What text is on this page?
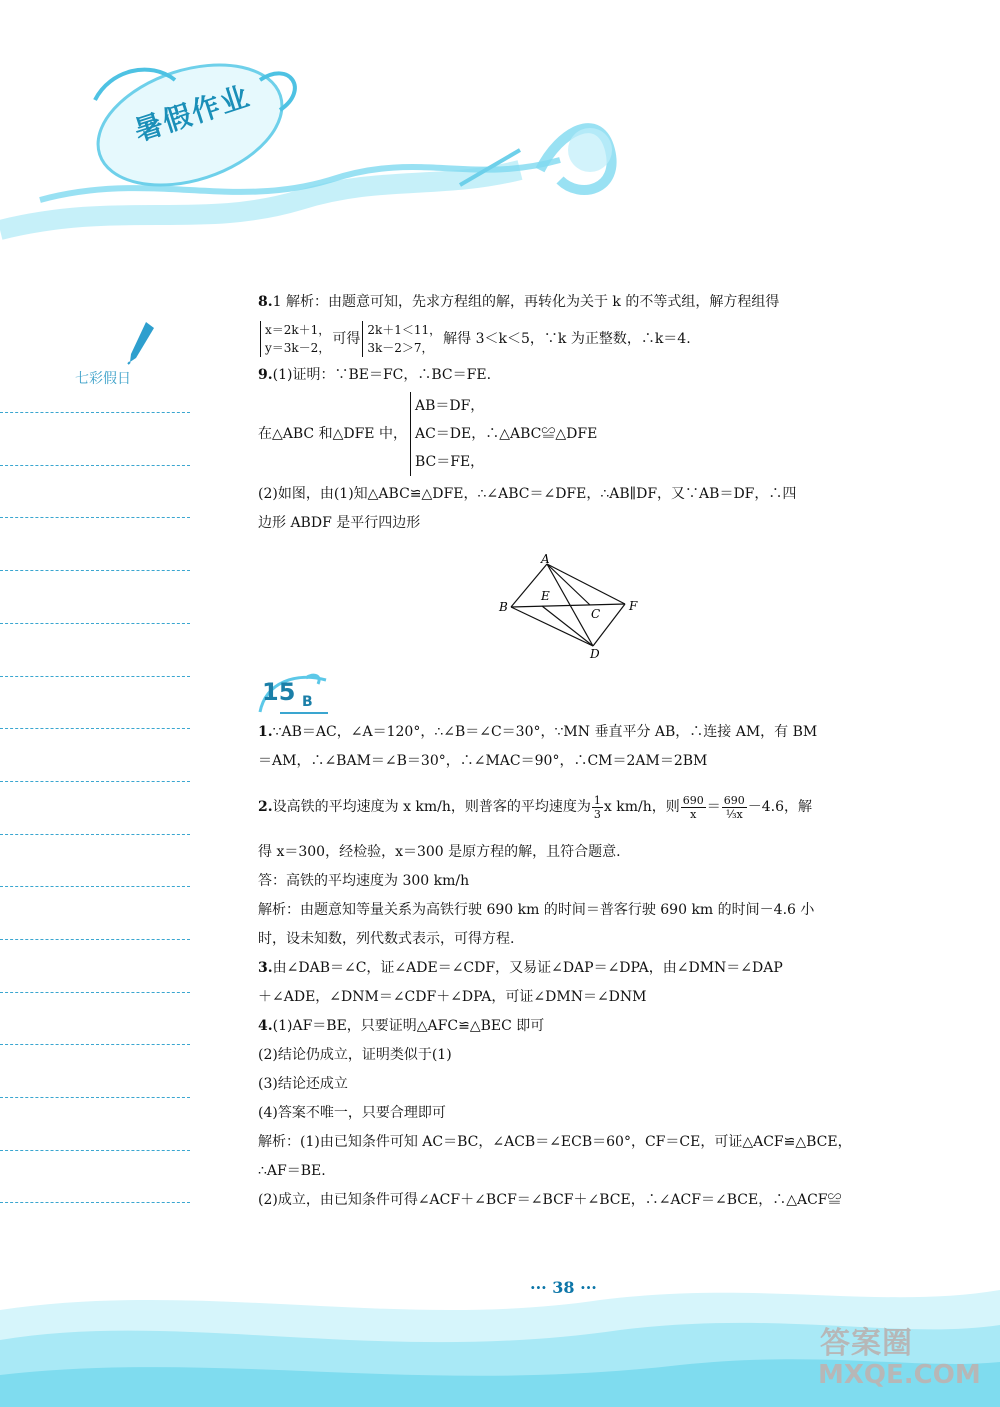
暑假作业
七彩假日

8.1 解析：由题意可知，先求方程组的解，再转化为关于 k 的不等式组，解方程组得

x＝2k＋1，
y＝3k－2，可得2k＋1＜11，
3k－2＞7，解得 3＜k＜5，∵k 为正整数，∴k＝4.

9.(1)证明：∵BE＝FC，∴BC＝FE.

在△ABC 和△DFE 中，AB＝DF，
AC＝DE，∴△ABC≌△DFE
BC＝FE，

(2)如图，由(1)知△ABC≌△DFE，∴∠ABC＝∠DFE，∴AB∥DF，又∵AB＝DF，∴四

边形 ABDF 是平行四边形

A
B	C
D
E
F
15 B

1.∵AB＝AC，∠A＝120°，∴∠B＝∠C＝30°，∵MN 垂直平分 AB，∴连接 AM，有 BM

＝AM，∴∠BAM＝∠B＝30°，∴∠MAC＝90°，∴CM＝2AM＝2BM

2.设高铁的平均速度为 x km/h，则普客的平均速度为 $\frac{1}{3}$ x km/h，则 $\frac{690}{x} = \frac{690}{\text{⅓x}} -4.6$，解

得 x＝300，经检验，x＝300 是原方程的解，且符合题意.

答：高铁的平均速度为 300 km/h

解析：由题意知等量关系为高铁行驶 690 km 的时间＝普客行驶 690 km 的时间－4.6 小

时，设未知数，列代数式表示，可得方程.

3.由∠DAB＝∠C，证∠ADE＝∠CDF，又易证∠DAP＝∠DPA，由∠DMN＝∠DAP

＋∠ADE，∠DNM＝∠CDF＋∠DPA，可证∠DMN＝∠DNM

4.(1)AF＝BE，只要证明△AFC≌△BEC 即可

(2)结论仍成立，证明类似于(1)

(3)结论还成立

(4)答案不唯一，只要合理即可

解析：(1)由已知条件可知 AC＝BC，∠ACB＝∠ECB＝60°，CF＝CE，可证△ACF≌△BCE，

∴AF＝BE.

(2)成立，由已知条件可得∠ACF＋∠BCF＝∠BCF＋∠BCE，∴∠ACF＝∠BCE，∴△ACF≌

··· 38 ···
答案圈
MXQE.COM
